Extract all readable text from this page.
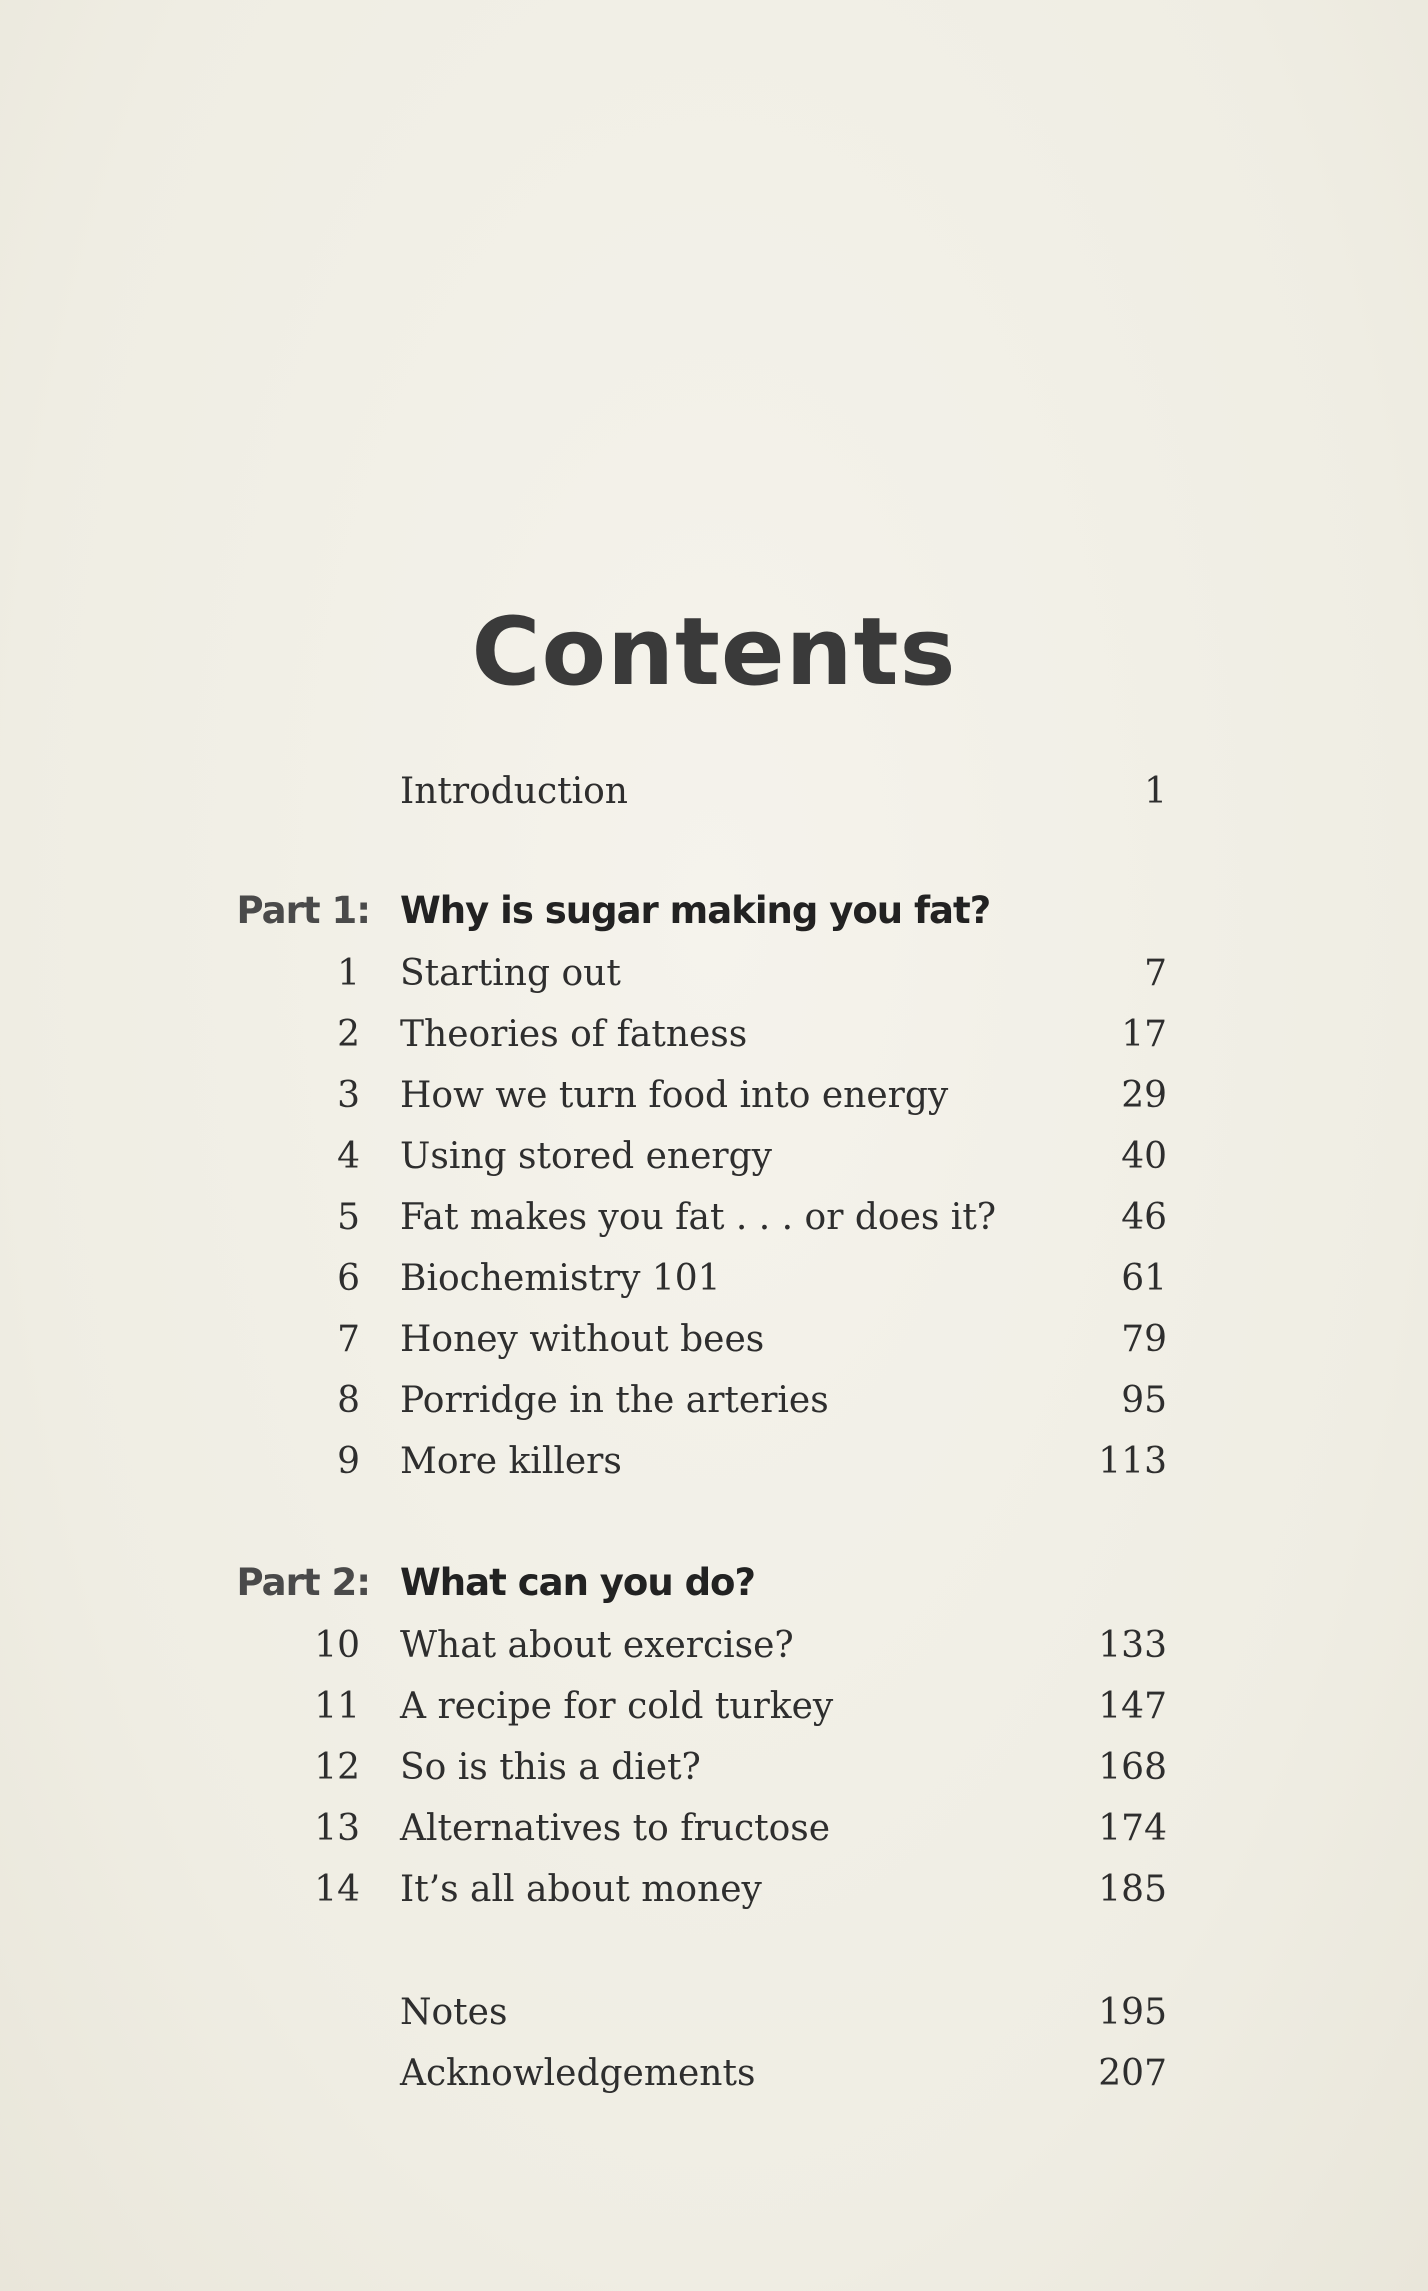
Contents
Introduction	1
Part 1: Why is sugar making you fat?
1 Starting out	7
2 Theories of fatness	17
3 How we turn food into energy	29
4 Using stored energy	40
5 Fat makes you fat . . . or does it?	46
6 Biochemistry 101	61
7 Honey without bees	79
8 Porridge in the arteries	95
9 More killers	113
Part 2: What can you do?
10 What about exercise?	133
11 A recipe for cold turkey	147
12 So is this a diet?	168
13 Alternatives to fructose	174
14 It’s all about money	185
Notes	195
Acknowledgements	207
